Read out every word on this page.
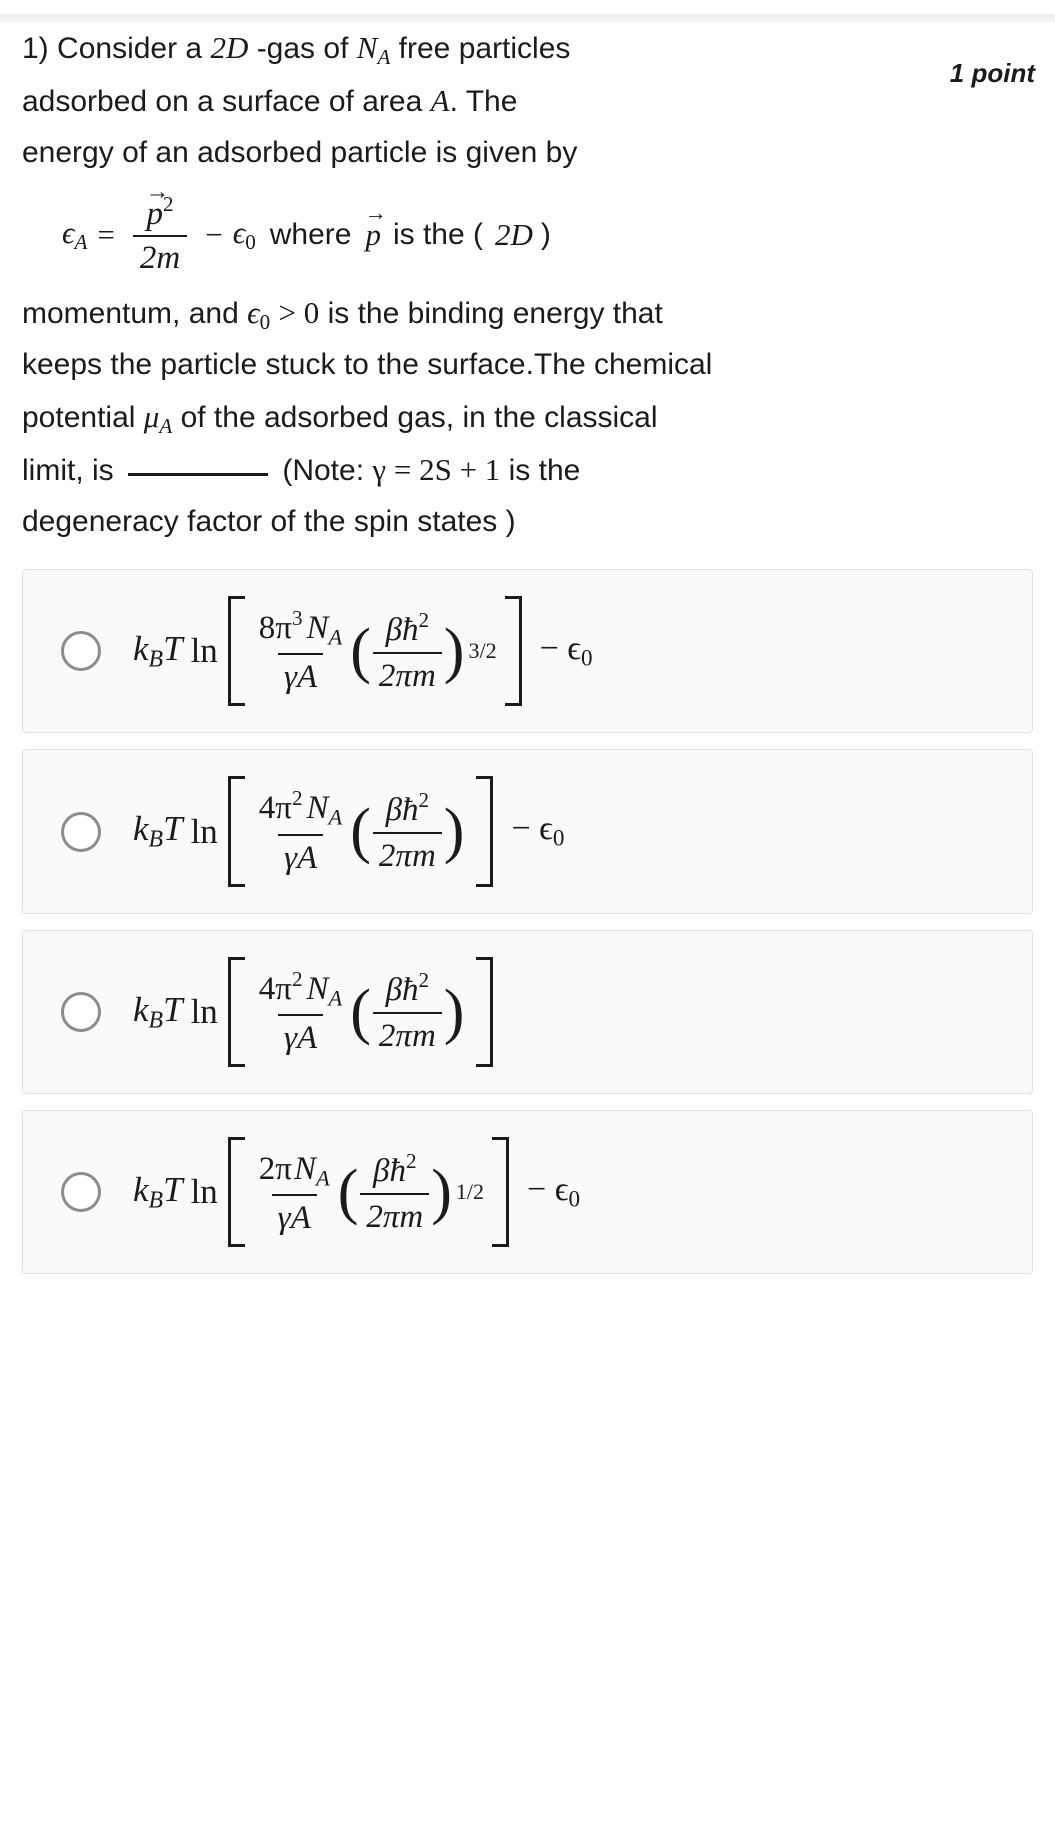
1 point
1) Consider a 2D -gas of $N_A$ free particles
adsorbed on a surface of area A. The
energy of an adsorbed particle is given by
$\epsilon_A$ = → $\frac{p^2}{2m} - \epsilon 0$ where → p is the ( 2D )
momentum, and ϵ0 > 0 is the binding energy that
keeps the particle stuck to the surface.The chemical
potential $\mu_A$ of the adsorbed gas, in the classical
limit, is	(Note: γ = 2S + 1 is the
degeneracy factor of the spin states )
$k_BT$ $\ln \frac{8\pi^3 N_A}{\gamma A}$ ( $\frac{\beta ħ^2}{2\pi m}$ ) 3/2 − ϵ0
$k_BT$ $\ln \frac{4\pi^2 N_A}{\gamma A}$ ( $\frac{\beta ħ^2}{2\pi m}$ ) − ϵ0
$k_BT$ $\ln \frac{4\pi^2 N_A}{\gamma A}$ ( $\frac{\beta ħ^2}{2\pi m}$ )
$k_BT$ $\ln \frac{2\pi N_A}{\gamma A}$ ( $\frac{\beta ħ^2}{2\pi m}$ ) 1/2 − ϵ0
